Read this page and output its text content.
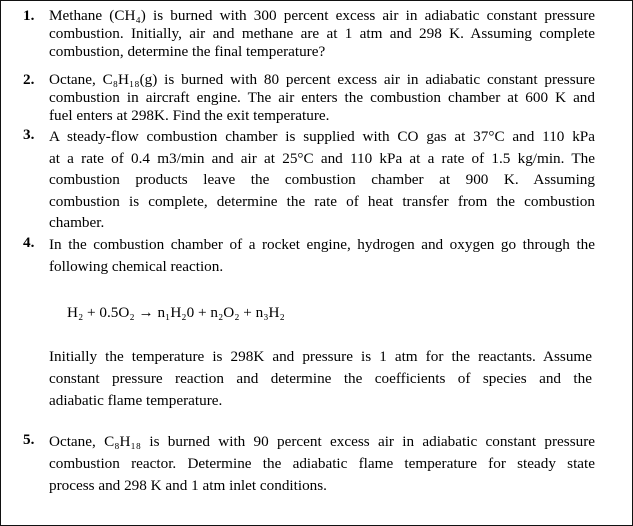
1. Methane (CH₄) is burned with 300 percent excess air in adiabatic constant pressure
combustion. Initially, air and methane are at 1 atm and 298 K. Assuming complete
combustion, determine the final temperature?
2. Octane, C₈H₁₈(g) is burned with 80 percent excess air in adiabatic constant pressure
combustion in aircraft engine. The air enters the combustion chamber at 600 K and
fuel enters at 298K. Find the exit temperature.
3. A steady-flow combustion chamber is supplied with CO gas at 37°C and 110 kPa
at a rate of 0.4 m3/min and air at 25°C and 110 kPa at a rate of 1.5 kg/min. The
combustion products leave the combustion chamber at 900 K. Assuming
combustion is complete, determine the rate of heat transfer from the combustion
chamber.
4. In the combustion chamber of a rocket engine, hydrogen and oxygen go through the
following chemical reaction.
H₂ + 0.5O₂ → n₁H₂0 + n₂O₂ + n₃H₂
Initially the temperature is 298K and pressure is 1 atm for the reactants. Assume
constant pressure reaction and determine the coefficients of species and the
adiabatic flame temperature.
5. Octane, C₈H₁₈ is burned with 90 percent excess air in adiabatic constant pressure
combustion reactor. Determine the adiabatic flame temperature for steady state
process and 298 K and 1 atm inlet conditions.
